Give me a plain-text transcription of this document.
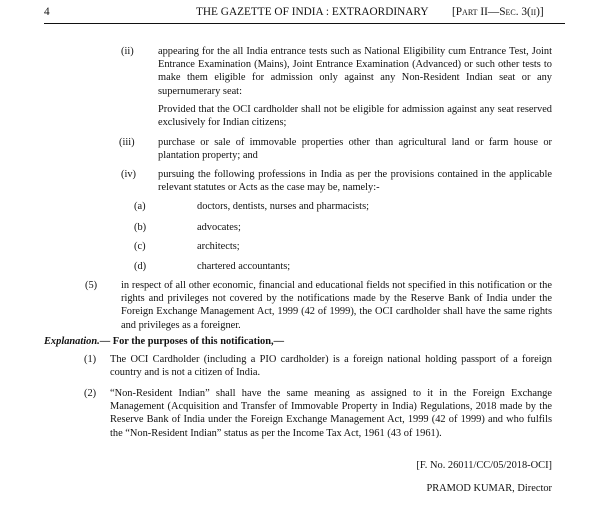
4	THE GAZETTE OF INDIA : EXTRAORDINARY [Part II—Sec. 3(ii)]
(ii) appearing for the all India entrance tests such as National Eligibility cum Entrance Test, Joint Entrance Examination (Mains), Joint Entrance Examination (Advanced) or such other tests to make them eligible for admission only against any Non-Resident Indian seat or any supernumerary seat:
Provided that the OCI cardholder shall not be eligible for admission against any seat reserved exclusively for Indian citizens;
(iii) purchase or sale of immovable properties other than agricultural land or farm house or plantation property; and
(iv) pursuing the following professions in India as per the provisions contained in the applicable relevant statutes or Acts as the case may be, namely:-
(a)	doctors, dentists, nurses and pharmacists;
(b)	advocates;
(c)	architects;
(d)	chartered accountants;
(5) in respect of all other economic, financial and educational fields not specified in this notification or the rights and privileges not covered by the notifications made by the Reserve Bank of India under the Foreign Exchange Management Act, 1999 (42 of 1999), the OCI cardholder shall have the same rights and privileges as a foreigner.
Explanation.— For the purposes of this notification,—
(1) The OCI Cardholder (including a PIO cardholder) is a foreign national holding passport of a foreign country and is not a citizen of India.
(2) “Non-Resident Indian” shall have the same meaning as assigned to it in the Foreign Exchange Management (Acquisition and Transfer of Immovable Property in India) Regulations, 2018 made by the Reserve Bank of India under the Foreign Exchange Management Act, 1999 (42 of 1999) and who fulfils the “Non-Resident Indian” status as per the Income Tax Act, 1961 (43 of 1961).
[F. No. 26011/CC/05/2018-OCI]
PRAMOD KUMAR, Director
